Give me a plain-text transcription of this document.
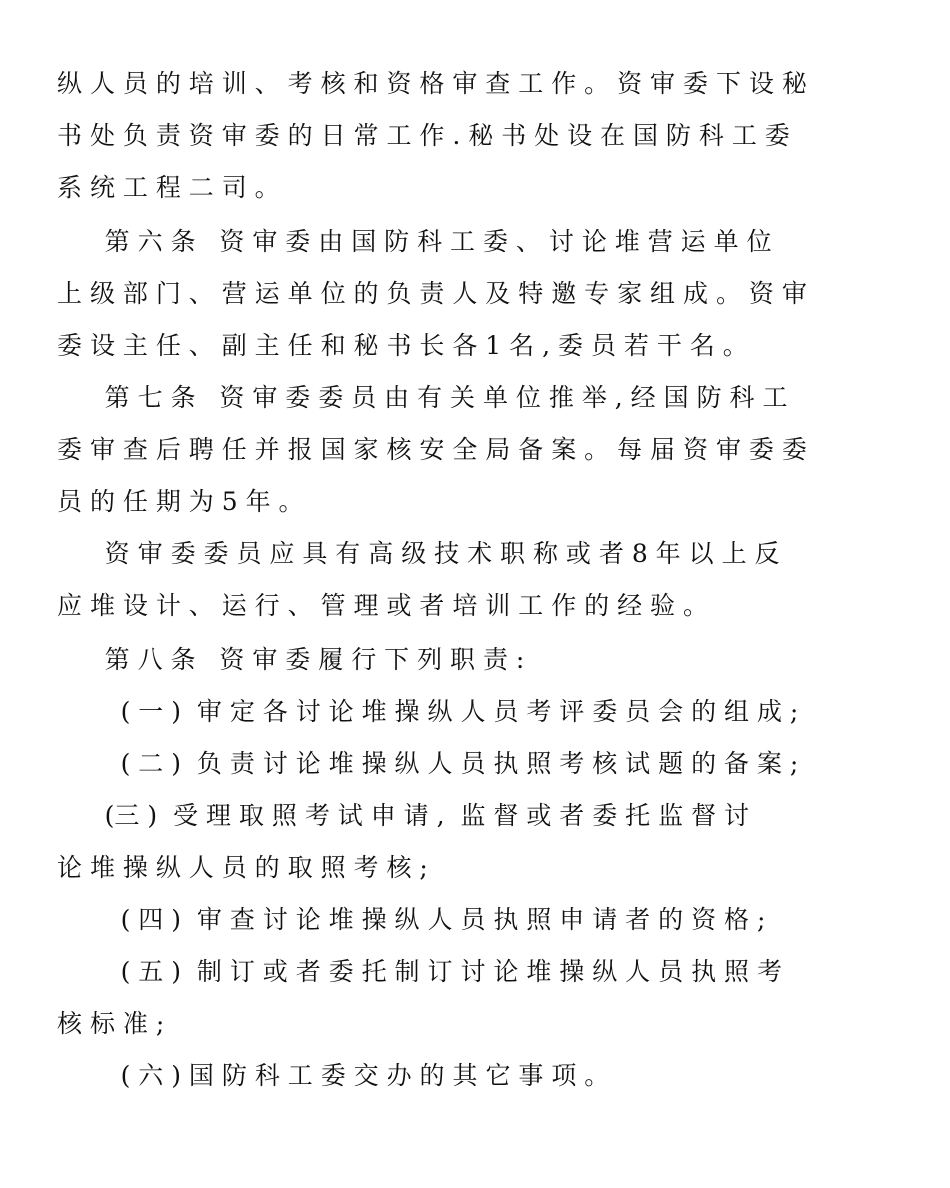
纵 人 员 的 培 训 、 考 核 和 资 格 审 查 工 作 。 资 审 委 下 设 秘
书 处 负 责 资 审 委 的 日 常 工 作 . 秘 书 处 设 在 国 防 科 工 委
系 统 工 程 二 司 。
第 六 条   资 审 委 由 国 防 科 工 委 、 讨 论 堆 营 运 单 位
上 级 部 门 、 营 运 单 位 的 负 责 人 及 特 邀 专 家 组 成 。 资 审
委 设 主 任 、 副 主 任 和 秘 书 长 各 1 名 , 委 员 若 干 名 。
第 七 条   资 审 委 委 员 由 有 关 单 位 推 举 , 经 国 防 科 工
委 审 查 后 聘 任 并 报 国 家 核 安 全 局 备 案 。 每 届 资 审 委 委
员 的 任 期 为 5 年 。
资 审 委 委 员 应 具 有 高 级 技 术 职 称 或 者 8 年 以 上 反
应 堆 设 计 、 运 行 、 管 理 或 者 培 训 工 作 的 经 验 。
第 八 条   资 审 委 履 行 下 列 职 责 :
( 一 )  审 定 各 讨 论 堆 操 纵 人 员 考 评 委 员 会 的 组 成 ;
( 二 )  负 责 讨 论 堆 操 纵 人 员 执 照 考 核 试 题 的 备 案 ;
(三 )  受 理 取 照 考 试 申 请 ,  监 督 或 者 委 托 监 督 讨
论 堆 操 纵 人 员 的 取 照 考 核 ;
( 四 )  审 查 讨 论 堆 操 纵 人 员 执 照 申 请 者 的 资 格 ;
( 五 )  制 订 或 者 委 托 制 订 讨 论 堆 操 纵 人 员 执 照 考
核 标 准 ;
( 六 ) 国 防 科 工 委 交 办 的 其 它 事 项 。
